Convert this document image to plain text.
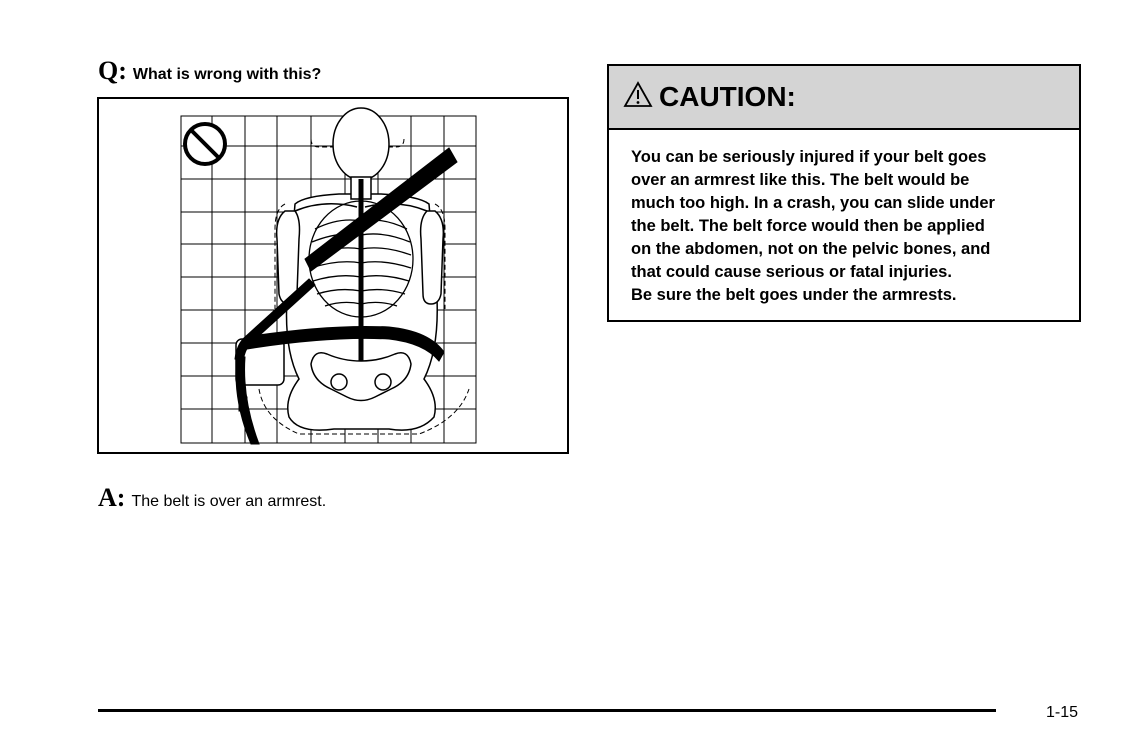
Q: What is wrong with this?
A: The belt is over an armrest.
CAUTION:

You can be seriously injured if your belt goes

over an armrest like this. The belt would be

much too high. In a crash, you can slide under

the belt. The belt force would then be applied

on the abdomen, not on the pelvic bones, and

that could cause serious or fatal injuries.

Be sure the belt goes under the armrests.

1-15
